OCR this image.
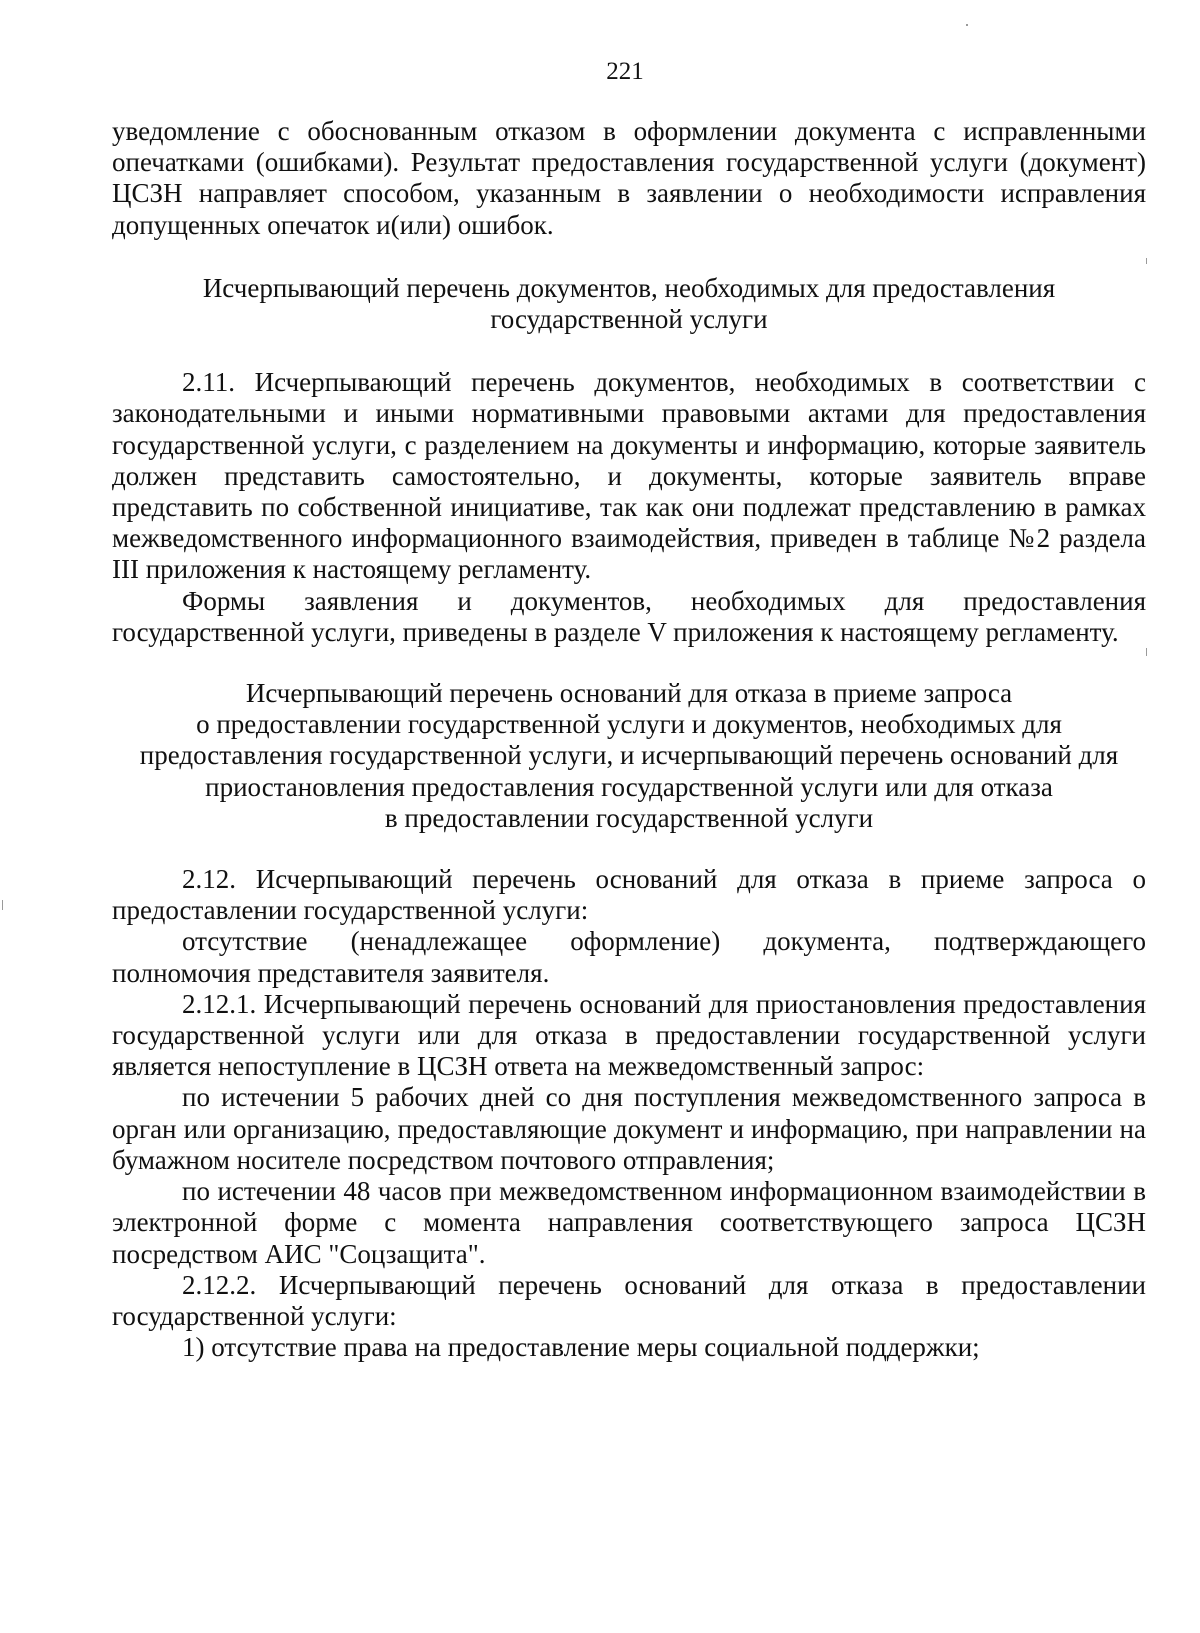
221

уведомление с обоснованным отказом в оформлении документа с исправленными опечатками (ошибками). Результат предоставления государственной услуги (документ) ЦСЗН направляет способом, указанным в заявлении о необходимости исправления допущенных опечаток и(или) ошибок.

Исчерпывающий перечень документов, необходимых для предоставления

государственной услуги

2.11. Исчерпывающий перечень документов, необходимых в соответствии с законодательными и иными нормативными правовыми актами для предоставления государственной услуги, с разделением на документы и информацию, которые заявитель должен представить самостоятельно, и документы, которые заявитель вправе представить по собственной инициативе, так как они подлежат представлению в рамках межведомственного информационного взаимодействия, приведен в таблице №2 раздела III приложения к настоящему регламенту.

Формы заявления и документов, необходимых для предоставления государственной услуги, приведены в разделе V приложения к настоящему регламенту.

Исчерпывающий перечень оснований для отказа в приеме запроса

о предоставлении государственной услуги и документов, необходимых для

предоставления государственной услуги, и исчерпывающий перечень оснований для

приостановления предоставления государственной услуги или для отказа

в предоставлении государственной услуги

2.12. Исчерпывающий перечень оснований для отказа в приеме запроса о предоставлении государственной услуги:

отсутствие (ненадлежащее оформление) документа, подтверждающего полномочия представителя заявителя.

2.12.1. Исчерпывающий перечень оснований для приостановления предоставления государственной услуги или для отказа в предоставлении государственной услуги является непоступление в ЦСЗН ответа на межведомственный запрос:

по истечении 5 рабочих дней со дня поступления межведомственного запроса в орган или организацию, предоставляющие документ и информацию, при направлении на бумажном носителе посредством почтового отправления;

по истечении 48 часов при межведомственном информационном взаимодействии в электронной форме с момента направления соответствующего запроса ЦСЗН посредством АИС "Соцзащита".

2.12.2. Исчерпывающий перечень оснований для отказа в предоставлении государственной услуги:

1) отсутствие права на предоставление меры социальной поддержки;
